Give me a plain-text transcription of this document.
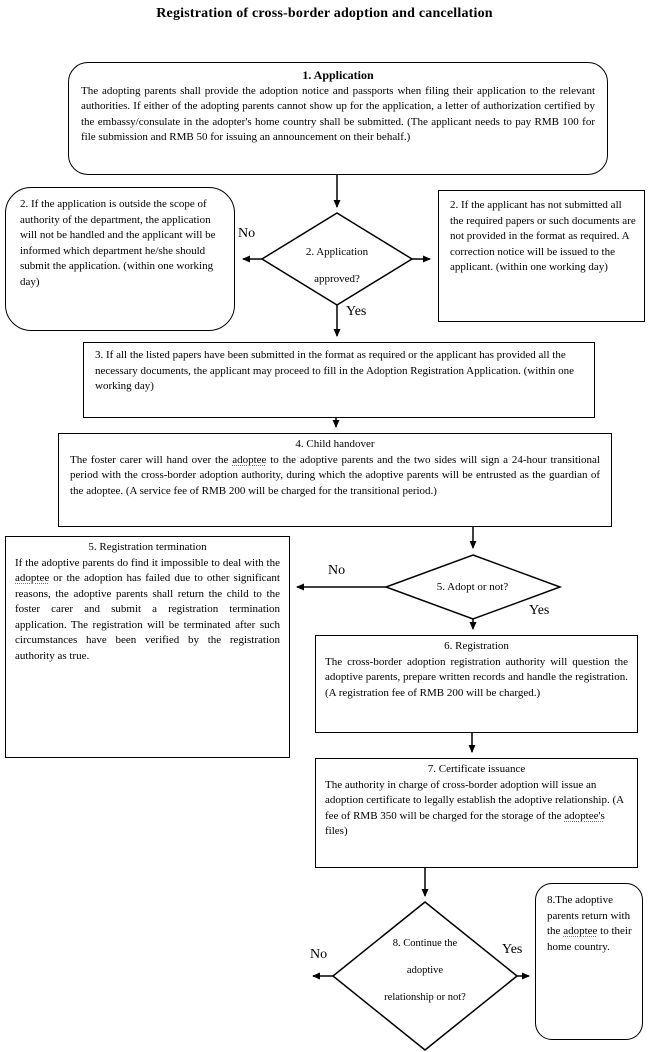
Registration of cross-border adoption and cancellation
1. Application

The adopting parents shall provide the adoption notice and passports when filing their application to the relevant authorities. If either of the adopting parents cannot show up for the application, a letter of authorization certified by the embassy/consulate in the adopter's home country shall be submitted. (The applicant needs to pay RMB 100 for file submission and RMB 50 for issuing an announcement on their behalf.)

2. If the application is outside the scope of authority of the department, the application will not be handled and the applicant will be informed which department he/she should submit the application. (within one working day)

2. If the applicant has not submitted all the required papers or such documents are not provided in the format as required. A correction notice will be issued to the applicant. (within one working day)

2. Application
approved?
No
Yes

3. If all the listed papers have been submitted in the format as required or the applicant has provided all the necessary documents, the applicant may proceed to fill in the Adoption Registration Application. (within one working day)

4. Child handover

The foster carer will hand over the adoptee to the adoptive parents and the two sides will sign a 24-hour transitional period with the cross-border adoption authority, during which the adoptive parents will be entrusted as the guardian of the adoptee. (A service fee of RMB 200 will be charged for the transitional period.)

5. Registration termination

If the adoptive parents do find it impossible to deal with the adoptee or the adoption has failed due to other significant reasons, the adoptive parents shall return the child to the foster carer and submit a registration termination application. The registration will be terminated after such circumstances have been verified by the registration authority as true.

5. Adopt or not?
No
Yes
6. Registration

The cross-border adoption registration authority will question the adoptive parents, prepare written records and handle the registration. (A registration fee of RMB 200 will be charged.)

7. Certificate issuance

The authority in charge of cross-border adoption will issue an adoption certificate to legally establish the adoptive relationship. (A fee of RMB 350 will be charged for the storage of the adoptee's files)

8. Continue the
adoptive
relationship or not?
No	Yes

8.The adoptive parents return with the adoptee to their home country.
